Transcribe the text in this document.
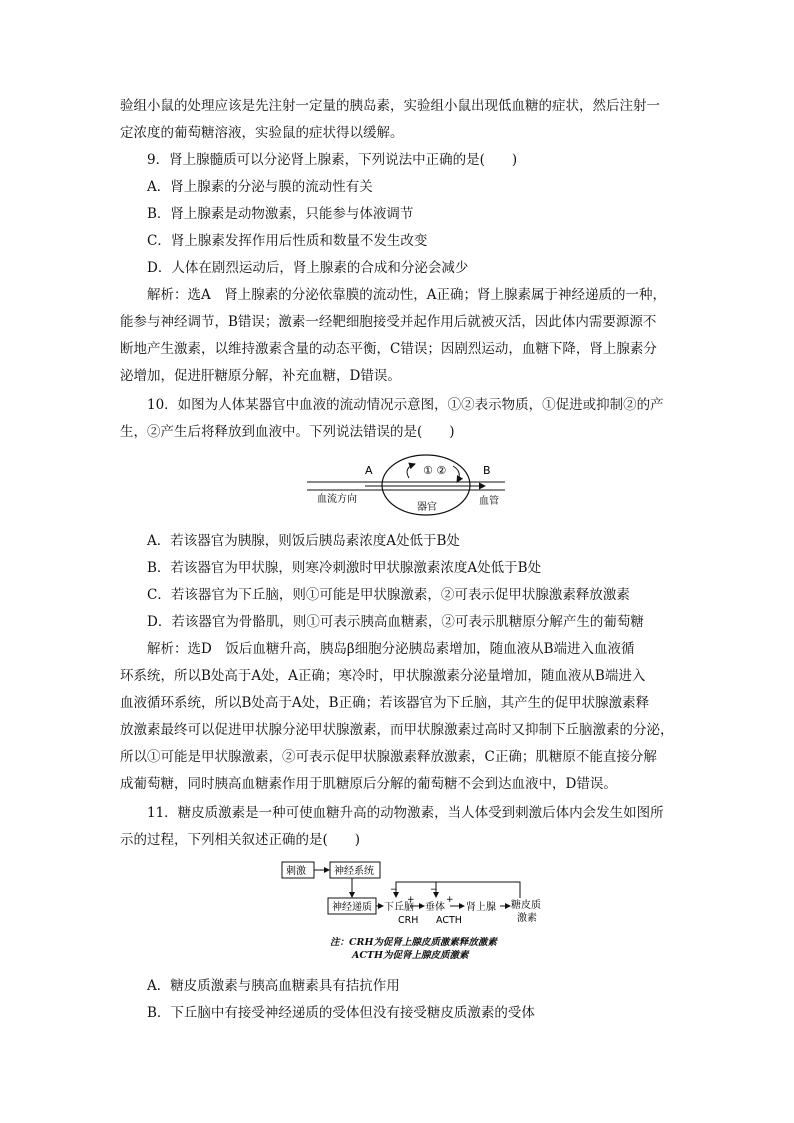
验组小鼠的处理应该是先注射一定量的胰岛素，实验组小鼠出现低血糖的症状，然后注射一
定浓度的葡萄糖溶液，实验鼠的症状得以缓解。
9．肾上腺髓质可以分泌肾上腺素，下列说法中正确的是(　　)
A．肾上腺素的分泌与膜的流动性有关
B．肾上腺素是动物激素，只能参与体液调节
C．肾上腺素发挥作用后性质和数量不发生改变
D．人体在剧烈运动后，肾上腺素的合成和分泌会减少
解析：选A　肾上腺素的分泌依靠膜的流动性，A正确；肾上腺素属于神经递质的一种，
能参与神经调节，B错误；激素一经靶细胞接受并起作用后就被灭活，因此体内需要源源不
断地产生激素，以维持激素含量的动态平衡，C错误；因剧烈运动，血糖下降，肾上腺素分
泌增加，促进肝糖原分解，补充血糖，D错误。
10．如图为人体某器官中血液的流动情况示意图，①②表示物质，①促进或抑制②的产
生，②产生后将释放到血液中。下列说法错误的是(　　)
A	B
① ②
血流方向
器官
血管
A．若该器官为胰腺，则饭后胰岛素浓度A处低于B处
B．若该器官为甲状腺，则寒冷刺激时甲状腺激素浓度A处低于B处
C．若该器官为下丘脑，则①可能是甲状腺激素，②可表示促甲状腺激素释放激素
D．若该器官为骨骼肌，则①可表示胰高血糖素，②可表示肌糖原分解产生的葡萄糖
解析：选D　饭后血糖升高，胰岛β细胞分泌胰岛素增加，随血液从B端进入血液循
环系统，所以B处高于A处，A正确；寒冷时，甲状腺激素分泌量增加，随血液从B端进入
血液循环系统，所以B处高于A处，B正确；若该器官为下丘脑，其产生的促甲状腺激素释
放激素最终可以促进甲状腺分泌甲状腺激素，而甲状腺激素过高时又抑制下丘脑激素的分泌，
所以①可能是甲状腺激素，②可表示促甲状腺激素释放激素，C正确；肌糖原不能直接分解
成葡萄糖，同时胰高血糖素作用于肌糖原后分解的葡萄糖不会到达血液中，D错误。
11．糖皮质激素是一种可使血糖升高的动物激素，当人体受到刺激后体内会发生如图所
示的过程，下列相关叙述正确的是(　　)
刺激	神经系统
神经递质 下丘脑 垂体 肾上腺 糖皮质
激素
CRH ACTH
−
+
−
+
注：CRH为促肾上腺皮质激素释放激素
ACTH为促肾上腺皮质激素
A．糖皮质激素与胰高血糖素具有拮抗作用
B．下丘脑中有接受神经递质的受体但没有接受糖皮质激素的受体
